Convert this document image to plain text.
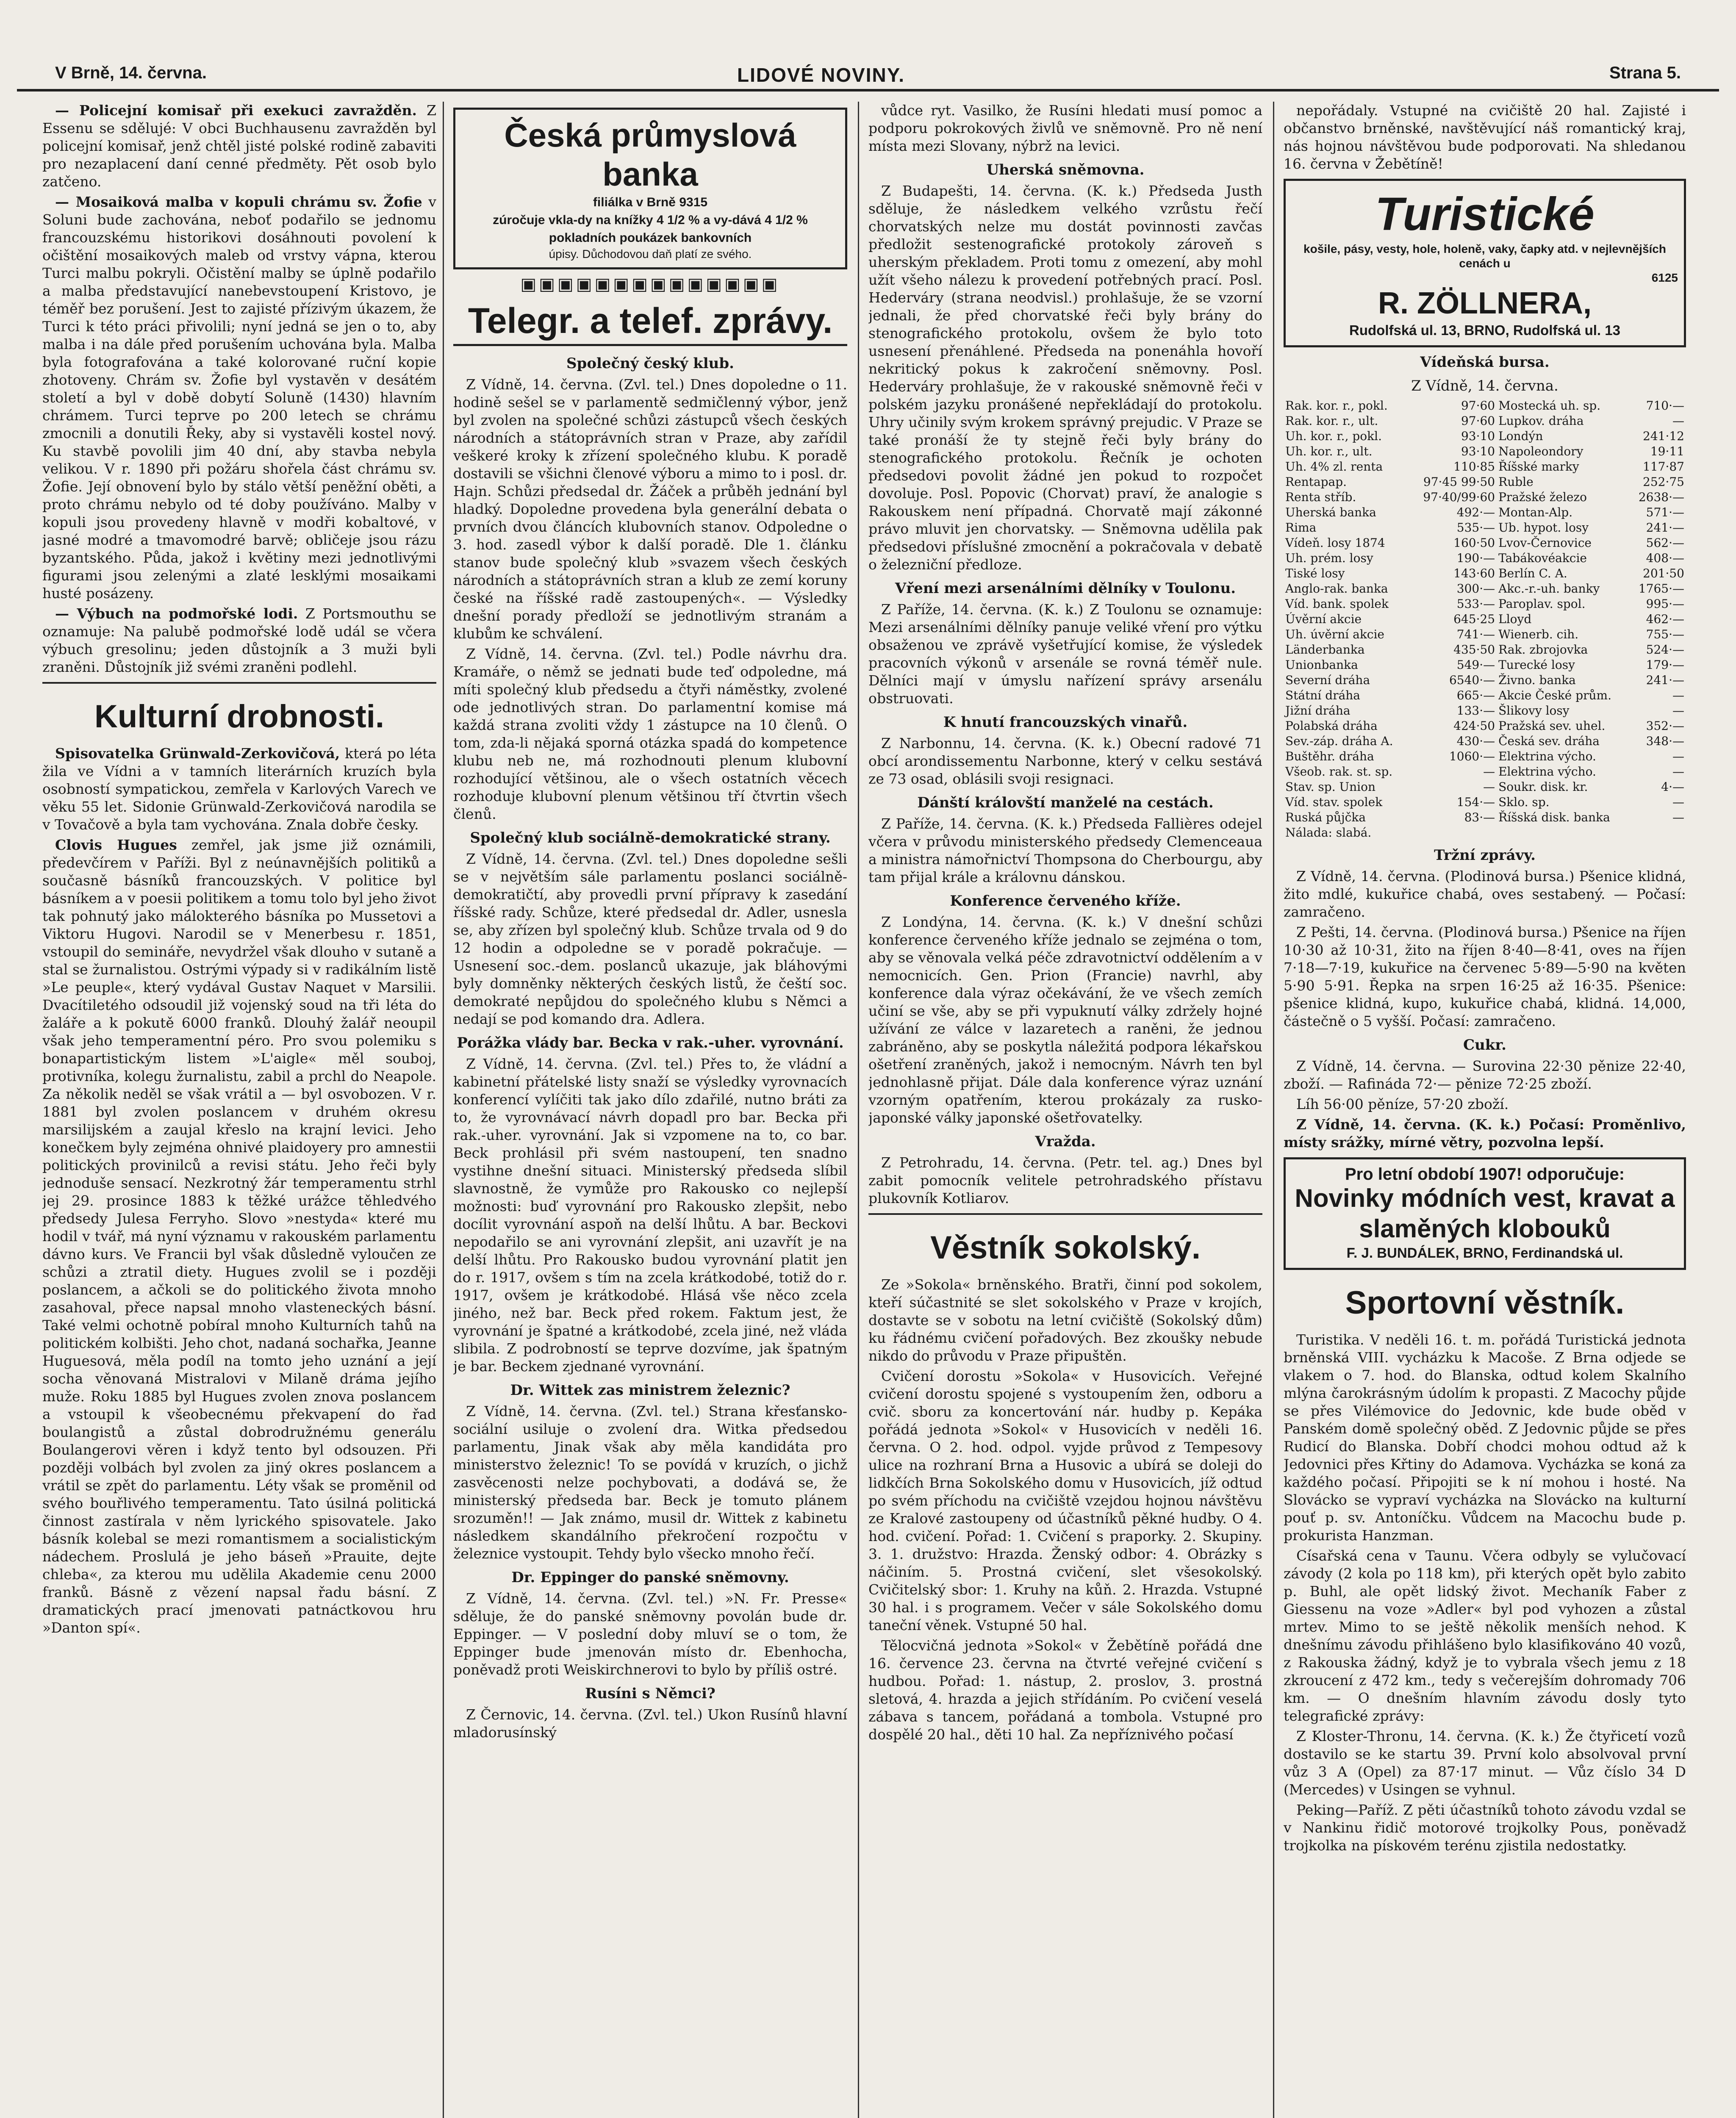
V Brně, 14. června.	LIDOVÉ NOVINY.	Strana 5.

— Policejní komisař při exekuci zavražděn. Z Essenu se sdělujé: V obci Buchhausenu zavražděn byl policejní komisař, jenž chtěl jisté polské rodině zabaviti pro nezaplacení daní cenné předměty. Pět osob bylo zatčeno.

— Mosaiková malba v kopuli chrámu sv. Žofie v Soluni bude zachována, neboť podařilo se jednomu francouzskému historikovi dosáhnouti povolení k očištění mosaikových maleb od vrstvy vápna, kterou Turci malbu pokryli. Očistění malby se úplně podařilo a malba představující nanebevstoupení Kristovo, je téměř bez porušení. Jest to zajisté přízivým úkazem, že Turci k této práci přivolili; nyní jedná se jen o to, aby malba i na dále před porušením uchována byla. Malba byla fotografována a také kolorované ruční kopie zhotoveny. Chrám sv. Žofie byl vystavěn v desátém století a byl v době dobytí Soluně (1430) hlavním chrámem. Turci teprve po 200 letech se chrámu zmocnili a donutili Řeky, aby si vystavěli kostel nový. Ku stavbě povolili jim 40 dní, aby stavba nebyla velikou. V r. 1890 při požáru shořela část chrámu sv. Žofie. Její obnovení bylo by stálo větší peněžní oběti, a proto chrámu nebylo od té doby používáno. Malby v kopuli jsou provedeny hlavně v modři kobaltové, v jasné modré a tmavomodré barvě; obličeje jsou rázu byzantského. Půda, jakož i květiny mezi jednotlivými figurami jsou zelenými a zlaté lesklými mosaikami husté posázeny.

— Výbuch na podmořské lodi. Z Portsmouthu se oznamuje: Na palubě podmořské lodě udál se včera výbuch gresolinu; jeden důstojník a 3 muži byli zraněni. Důstojník již svémi zraněni podlehl.

Kulturní drobnosti.

Spisovatelka Grünwald-Zerkovičová, která po léta žila ve Vídni a v tamních literárních kruzích byla osobností sympatickou, zemřela v Karlových Varech ve věku 55 let. Sidonie Grünwald-Zerkovičová narodila se v Tovačově a byla tam vychována. Znala dobře česky.

Clovis Hugues zemřel, jak jsme již oznámili, předevčírem v Paříži. Byl z neúnavnějších politiků a současně básníků francouzských. V politice byl básníkem a v poesii politikem a tomu tolo byl jeho život tak pohnutý jako málokterého básníka po Mussetovi a Viktoru Hugovi. Narodil se v Menerbesu r. 1851, vstoupil do semináře, nevydržel však dlouho v sutaně a stal se žurnalistou. Ostrými výpady si v radikálním listě »Le peuple«, který vydával Gustav Naquet v Marsilii. Dvacítiletého odsoudil již vojenský soud na tři léta do žaláře a k pokutě 6000 franků. Dlouhý žalář neoupil však jeho temperamentní péro. Pro svou polemiku s bonapartistickým listem »L'aigle« měl souboj, protivníka, kolegu žurnalistu, zabil a prchl do Neapole. Za několik neděl se však vrátil a — byl osvobozen. V r. 1881 byl zvolen poslancem v druhém okresu marsilijském a zaujal křeslo na krajní levici. Jeho konečkem byly zejména ohnivé plaidoyery pro amnestii politických provinilců a revisi státu. Jeho řeči byly jednoduše sensací. Nezkrotný žár temperamentu strhl jej 29. prosince 1883 k těžké urážce těhledvého předsedy Julesa Ferryho. Slovo »nestyda« které mu hodil v tvář, má nyní významu v rakouském parlamentu dávno kurs. Ve Francii byl však důsledně vyloučen ze schůzi a ztratil diety. Hugues zvolil se i později poslancem, a ačkoli se do politického života mnoho zasahoval, přece napsal mnoho vlasteneckých básní. Také velmi ochotně pobíral mnoho Kulturních tahů na politickém kolbišti. Jeho chot, nadaná sochařka, Jeanne Huguesová, měla podíl na tomto jeho uznání a její socha věnovaná Mistralovi v Milaně dráma jejího muže. Roku 1885 byl Hugues zvolen znova poslancem a vstoupil k všeobecnému překvapení do řad boulangistů a zůstal dobrodružnému generálu Boulangerovi věren i když tento byl odsouzen. Při později volbách byl zvolen za jiný okres poslancem a vrátil se zpět do parlamentu. Léty však se proměnil od svého bouřlivého temperamentu. Tato úsilná politická činnost zastírala v něm lyrického spisovatele. Jako básník kolebal se mezi romantismem a socialistickým nádechem. Proslulá je jeho báseň »Prauite, dejte chleba«, za kterou mu udělila Akademie cenu 2000 franků. Básně z vězení napsal řadu básní. Z dramatických prací jmenovati patnáctkovou hru »Danton spí«.

Česká průmyslová banka
filiálka v Brně 9315
zúročuje vkla-dy na knížky 4 1/2 % a vy-dává 4 1/2 % pokladních poukázek bankovních
úpisy. Důchodovou daň platí ze svého.
▣▣▣▣▣▣▣▣▣▣▣▣▣▣
Telegr. a telef. zprávy.
Společný český klub.

Z Vídně, 14. června. (Zvl. tel.) Dnes dopoledne o 11. hodině sešel se v parlamentě sedmičlenný výbor, jenž byl zvolen na společné schůzi zástupců všech českých národních a státoprávních stran v Praze, aby zařídil veškeré kroky k zřízení společného klubu. K poradě dostavili se všichni členové výboru a mimo to i posl. dr. Hajn. Schůzi předsedal dr. Žáček a průběh jednání byl hladký. Dopoledne provedena byla generální debata o prvních dvou článcích klubovních stanov. Odpoledne o 3. hod. zasedl výbor k další poradě. Dle 1. článku stanov bude společný klub »svazem všech českých národních a státoprávních stran a klub ze zemí koruny české na říšské radě zastoupených«. — Výsledky dnešní porady předloží se jednotlivým stranám a klubům ke schválení.

Z Vídně, 14. června. (Zvl. tel.) Podle návrhu dra. Kramáře, o němž se jednati bude teď odpoledne, má míti společný klub předsedu a čtyři náměstky, zvolené ode jednotlivých stran. Do parlamentní komise má každá strana zvoliti vždy 1 zástupce na 10 členů. O tom, zda-li nějaká sporná otázka spadá do kompetence klubu neb ne, má rozhodnouti plenum klubovní rozhodující většinou, ale o všech ostatních věcech rozhoduje klubovní plenum většinou tří čtvrtin všech členů.

Společný klub sociálně-demokratické strany.

Z Vídně, 14. června. (Zvl. tel.) Dnes dopoledne sešli se v největším sále parlamentu poslanci sociálně-demokratičtí, aby provedli první přípravy k zasedání říšské rady. Schůze, které předsedal dr. Adler, usnesla se, aby zřízen byl společný klub. Schůze trvala od 9 do 12 hodin a odpoledne se v poradě pokračuje. — Usnesení soc.-dem. poslanců ukazuje, jak bláhovými byly domněnky některých českých listů, že čeští soc. demokraté nepůjdou do společného klubu s Němci a nedají se pod komando dra. Adlera.

Porážka vlády bar. Becka v rak.-uher. vyrovnání.

Z Vídně, 14. června. (Zvl. tel.) Přes to, že vládní a kabinetní přátelské listy snaží se výsledky vyrovnacích konferencí vylíčiti tak jako dílo zdařilé, nutno bráti za to, že vyrovnávací návrh dopadl pro bar. Becka při rak.-uher. vyrovnání. Jak si vzpomene na to, co bar. Beck prohlásil při svém nastoupení, ten snadno vystihne dnešní situaci. Ministerský předseda slíbil slavnostně, že vymůže pro Rakousko co nejlepší možnosti: buď vyrovnání pro Rakousko zlepšit, nebo docílit vyrovnání aspoň na delší lhůtu. A bar. Beckovi nepodařilo se ani vyrovnání zlepšit, ani uzavřít je na delší lhůtu. Pro Rakousko budou vyrovnání platit jen do r. 1917, ovšem s tím na zcela krátkodobé, totiž do r. 1917, ovšem je krátkodobé. Hlásá vše něco zcela jiného, než bar. Beck před rokem. Faktum jest, že vyrovnání je špatné a krátkodobé, zcela jiné, než vláda slibila. Z podrobností se teprve dozvíme, jak špatným je bar. Beckem zjednané vyrovnání.

Dr. Wittek zas ministrem železnic?

Z Vídně, 14. června. (Zvl. tel.) Strana křesťansko-sociální usiluje o zvolení dra. Witka předsedou parlamentu, Jinak však aby měla kandidáta pro ministerstvo železnic! To se povídá v kruzích, o jichž zasvěcenosti nelze pochybovati, a dodává se, že ministerský předseda bar. Beck je tomuto plánem srozuměn!! — Jak známo, musil dr. Wittek z kabinetu následkem skandálního překročení rozpočtu v železnice vystoupit. Tehdy bylo všecko mnoho řečí.

Dr. Eppinger do panské sněmovny.

Z Vídně, 14. června. (Zvl. tel.) »N. Fr. Presse« sděluje, že do panské sněmovny povolán bude dr. Eppinger. — V poslední doby mluví se o tom, že Eppinger bude jmenován místo dr. Ebenhocha, poněvadž proti Weiskirchnerovi to bylo by příliš ostré.

Rusíni s Němci?

Z Černovic, 14. června. (Zvl. tel.) Ukon Rusínů hlavní mladorusínský

vůdce ryt. Vasilko, že Rusíni hledati musí pomoc a podporu pokrokových živlů ve sněmovně. Pro ně není místa mezi Slovany, nýbrž na levici.

Uherská sněmovna.

Z Budapešti, 14. června. (K. k.) Předseda Justh sděluje, že následkem velkého vzrůstu řečí chorvatských nelze mu dostát povinnosti zavčas předložit sestenografické protokoly zároveň s uherským překladem. Proti tomu z omezení, aby mohl užít všeho nálezu k provedení potřebných prací. Posl. Hederváry (strana neodvisl.) prohlašuje, že se vzorní jednali, že před chorvatské řeči byly brány do stenografického protokolu, ovšem že bylo toto usnesení přenáhlené. Předseda na ponenáhla hovoří nekritický pokus k zakročení sněmovny. Posl. Hederváry prohlašuje, že v rakouské sněmovně řeči v polském jazyku pronášené nepřekládají do protokolu. Uhry učinily svým krokem správný prejudic. V Praze se také pronáší že ty stejně řeči byly brány do stenografického protokolu. Řečník je ochoten předsedovi povolit žádné jen pokud to rozpočet dovoluje. Posl. Popovic (Chorvat) praví, že analogie s Rakouskem není případná. Chorvatě mají zákonné právo mluvit jen chorvatsky. — Sněmovna udělila pak předsedovi příslušné zmocnění a pokračovala v debatě o železniční předloze.

Vření mezi arsenálními dělníky v Toulonu.

Z Paříže, 14. června. (K. k.) Z Toulonu se oznamuje: Mezi arsenálními dělníky panuje veliké vření pro výtku obsaženou ve zprávě vyšetřující komise, že výsledek pracovních výkonů v arsenále se rovná téměř nule. Dělníci mají v úmyslu nařízení správy arsenálu obstruovati.

K hnutí francouzských vinařů.

Z Narbonnu, 14. června. (K. k.) Obecní radové 71 obcí arondissementu Narbonne, který v celku sestává ze 73 osad, oblásili svoji resignaci.

Dánští královští manželé na cestách.

Z Paříže, 14. června. (K. k.) Předseda Fallières odejel včera v průvodu ministerského předsedy Clemenceaua a ministra námořnictví Thompsona do Cherbourgu, aby tam přijal krále a královnu dánskou.

Konference červeného kříže.

Z Londýna, 14. června. (K. k.) V dnešní schůzi konference červeného kříže jednalo se zejména o tom, aby se věnovala velká péče zdravotnictví oddělením a v nemocnicích. Gen. Prion (Francie) navrhl, aby konference dala výraz očekávání, že ve všech zemích učiní se vše, aby se při vypuknutí války zdržely hojné užívání ze válce v lazaretech a raněni, že jednou zabráněno, aby se poskytla náležitá podpora lékařskou ošetření zraněných, jakož i nemocným. Návrh ten byl jednohlasně přijat. Dále dala konference výraz uznání vzorným opatřením, kterou prokázaly za rusko-japonské války japonské ošetřovatelky.

Vražda.

Z Petrohradu, 14. června. (Petr. tel. ag.) Dnes byl zabit pomocník velitele petrohradského přístavu plukovník Kotliarov.

Věstník sokolský.

Ze »Sokola« brněnského. Bratři, činní pod sokolem, kteří súčastnité se slet sokolského v Praze v krojích, dostavte se v sobotu na letní cvičiště (Sokolský dům) ku řádnému cvičení pořadových. Bez zkoušky nebude nikdo do průvodu v Praze připuštěn.

Cvičení dorostu »Sokola« v Husovicích. Veřejné cvičení dorostu spojené s vystoupením žen, odboru a cvič. sboru za koncertování nár. hudby p. Kepáka pořádá jednota »Sokol« v Husovicích v neděli 16. června. O 2. hod. odpol. vyjde průvod z Tempesovy ulice na rozhraní Brna a Husovic a ubírá se doleji do lidkčích Brna Sokolského domu v Husovicích, jíž odtud po svém příchodu na cvičiště vzejdou hojnou návštěvu ze Kralové zastoupeny od účastníků pěkné hudby. O 4. hod. cvičení. Pořad: 1. Cvičení s praporky. 2. Skupiny. 3. 1. družstvo: Hrazda. Ženský odbor: 4. Obrázky s náčiním. 5. Prostná cvičení, slet všesokolský. Cvičitelský sbor: 1. Kruhy na kůň. 2. Hrazda. Vstupné 30 hal. i s programem. Večer v sále Sokolského domu taneční věnek. Vstupné 50 hal.

Tělocvičná jednota »Sokol« v Žebětíně pořádá dne 16. července 23. června na čtvrté veřejné cvičení s hudbou. Pořad: 1. nástup, 2. proslov, 3. prostná sletová, 4. hrazda a jejich střídáním. Po cvičení veselá zábava s tancem, pořádaná a tombola. Vstupné pro dospělé 20 hal., děti 10 hal. Za nepříznivého počasí

nepořádaly. Vstupné na cvičiště 20 hal. Zajisté i občanstvo brněnské, navštěvující náš romantický kraj, nás hojnou návštěvou bude podporovati. Na shledanou 16. června v Žebětíně!

Turistické
košile, pásy, vesty, hole, holeně, vaky, čapky atd. v nejlevnějších cenách u
6125
R. ZÖLLNERA,
Rudolfská ul. 13, BRNO, Rudolfská ul. 13
Vídeňská bursa.
Z Vídně, 14. června.
Rak. kor. r., pokl.	97·60	Mostecká uh. sp.	710·—
Rak. kor. r., ult.	97·60	Lupkov. dráha	—
Uh. kor. r., pokl.	93·10	Londýn	241·12
Uh. kor. r., ult.	93·10	Napoleondory	19·11
Uh. 4% zl. renta	110·85	Říšské marky	117·87
Rentapap.	97·45 99·50	Ruble	252·75
Renta stříb.	97·40/99·60	Pražské železo	2638·—
Uherská banka	492·—	Montan-Alp.	571·—
Rima	535·—	Ub. hypot. losy	241·—
Vídeň. losy 1874	160·50	Lvov-Černovice	562·—
Uh. prém. losy	190·—	Tabákovéakcie	408·—
Tiské losy	143·60	Berlín C. A.	201·50
Anglo-rak. banka	300·—	Akc.-r.-uh. banky	1765·—
Víd. bank. spolek	533·—	Paroplav. spol.	995·—
Úvěrní akcie	645·25	Lloyd	462·—
Uh. úvěrní akcie	741·—	Wienerb. cih.	755·—
Länderbanka	435·50	Rak. zbrojovka	524·—
Unionbanka	549·—	Turecké losy	179·—
Severní dráha	6540·—	Živno. banka	241·—
Státní dráha	665·—	Akcie České prům.	—
Jižní dráha	133·—	Šlikovy losy	—
Polabská dráha	424·50	Pražská sev. uhel.	352·—
Sev.-záp. dráha A.	430·—	Česká sev. dráha	348·—
Buštěhr. dráha	1060·—	Elektrina výcho.	—
Všeob. rak. st. sp.	—	Elektrina výcho.	—
Stav. sp. Union	—	Soukr. disk. kr.	4·—
Víd. stav. spolek	154·—	Sklo. sp.	—
Ruská půjčka	83·—	Říšská disk. banka	—
Nálada: slabá.			
Tržní zprávy.

Z Vídně, 14. června. (Plodinová bursa.) Pšenice klidná, žito mdlé, kukuřice chabá, oves sestabený. — Počasí: zamračeno.

Z Pešti, 14. června. (Plodinová bursa.) Pšenice na říjen 10·30 až 10·31, žito na říjen 8·40—8·41, oves na říjen 7·18—7·19, kukuřice na červenec 5·89—5·90 na květen 5·90 5·91. Řepka na srpen 16·25 až 16·35. Pšenice: pšenice klidná, kupo, kukuřice chabá, klidná. 14,000, částečně o 5 vyšší. Počasí: zamračeno.

Cukr.

Z Vídně, 14. června. — Surovina 22·30 pěnize 22·40, zboží. — Rafináda 72·— pěnize 72·25 zboží.

Líh 56·00 pěníze, 57·20 zboží.

Z Vídně, 14. června. (K. k.) Počasí: Proměnlivo, místy srážky, mírné větry, pozvolna lepší.

Pro letní období 1907! odporučuje:
Novinky módních vest, kravat a slaměných klobouků
F. J. BUNDÁLEK, BRNO, Ferdinandská ul.
Sportovní věstník.

Turistika. V neděli 16. t. m. pořádá Turistická jednota brněnská VIII. vycházku k Macoše. Z Brna odjede se vlakem o 7. hod. do Blanska, odtud kolem Skalního mlýna čarokrásným údolím k propasti. Z Macochy půjde se přes Vilémovice do Jedovnic, kde bude oběd v Panském domě společný oběd. Z Jedovnic půjde se přes Rudicí do Blanska. Dobří chodci mohou odtud až k Jedovnici přes Křtiny do Adamova. Vycházka se koná za každého počasí. Připojiti se k ní mohou i hosté. Na Slovácko se vypraví vycházka na Slovácko na kulturní pouť p. sv. Antoníčku. Vůdcem na Macochu bude p. prokurista Hanzman.

Císařská cena v Taunu. Včera odbyly se vylučovací závody (2 kola po 118 km), při kterých opět bylo zabito p. Buhl, ale opět lidský život. Mechaník Faber z Giessenu na voze »Adler« byl pod vyhozen a zůstal mrtev. Mimo to se ještě několik menších nehod. K dnešnímu závodu přihlášeno bylo klasifikováno 40 vozů, z Rakouska žádný, když je to vybrala všech jemu z 18 zkroucení z 472 km., tedy s večerejším dohromady 706 km. — O dnešním hlavním závodu dosly tyto telegrafické zprávy:

Z Kloster-Thronu, 14. června. (K. k.) Že čtyřicetí vozů dostavilo se ke startu 39. První kolo absolvoval první vůz 3 A (Opel) za 87·17 minut. — Vůz číslo 34 D (Mercedes) v Usingen se vyhnul.

Peking—Paříž. Z pěti účastníků tohoto závodu vzdal se v Nankinu řidič motorové trojkolky Pous, poněvadž trojkolka na pískovém terénu zjistila nedostatky.
